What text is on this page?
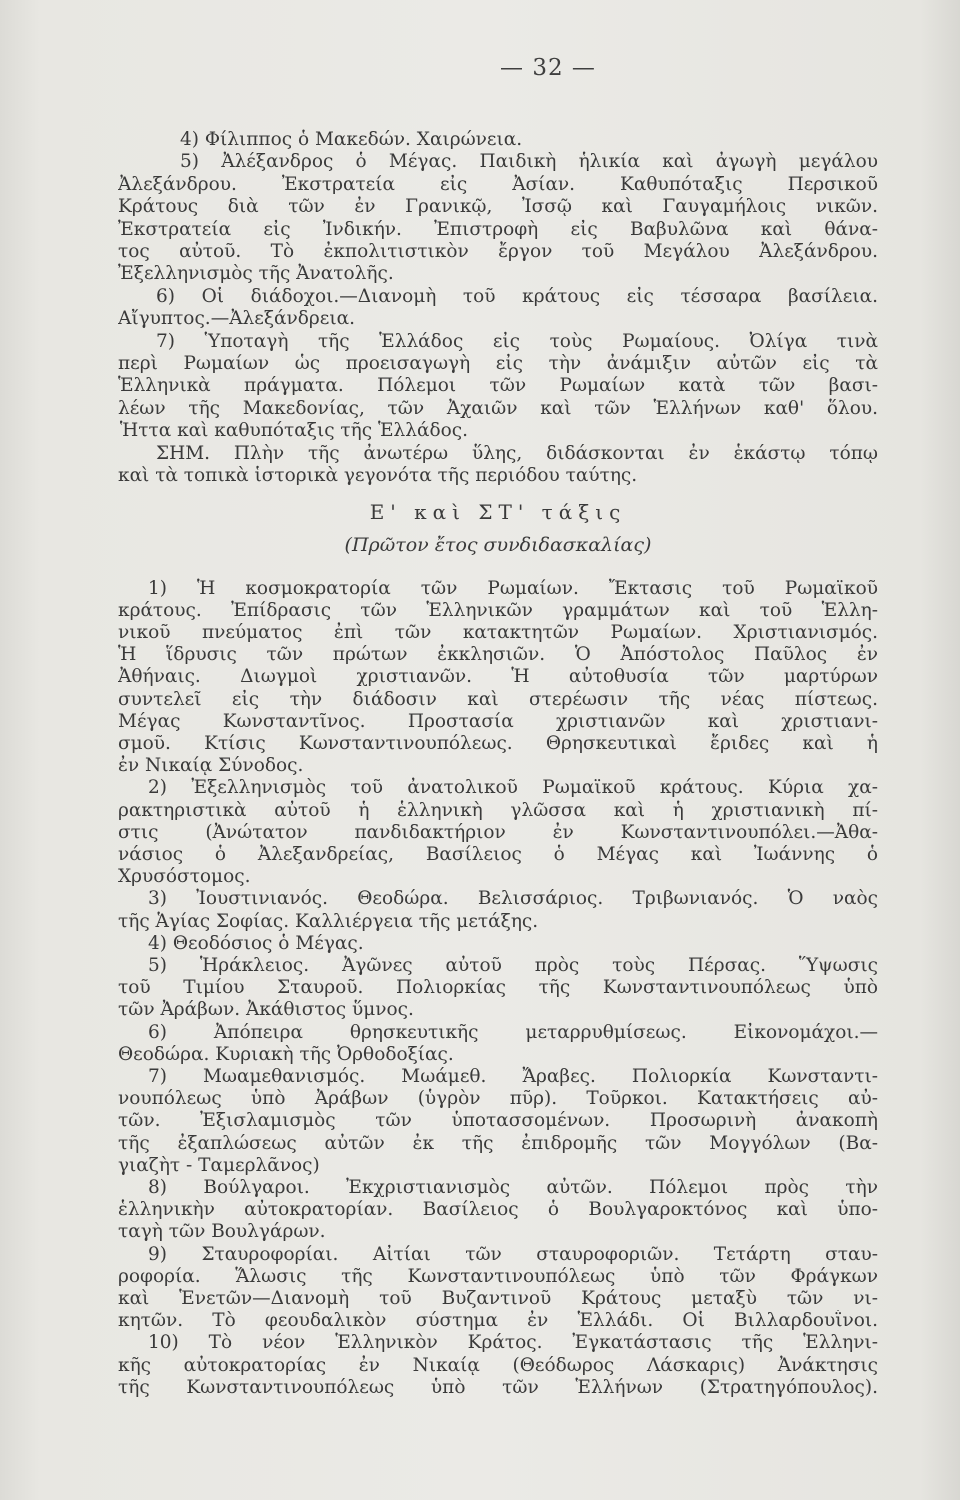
— 32 —
4) Φίλιππος ὁ Μακεδών. Χαιρώνεια.
5) Ἀλέξανδρος ὁ Μέγας. Παιδικὴ ἡλικία καὶ ἀγωγὴ μεγάλου
Ἀλεξάνδρου. Ἐκστρατεία εἰς Ἀσίαν. Καθυπόταξις Περσικοῦ
Κράτους διὰ τῶν ἐν Γρανικῷ, Ἰσσῷ καὶ Γαυγαμήλοις νικῶν.
Ἐκστρατεία εἰς Ἰνδικήν. Ἐπιστροφὴ εἰς Βαβυλῶνα καὶ θάνα-
τος αὐτοῦ. Τὸ ἐκπολιτιστικὸν ἔργον τοῦ Μεγάλου Ἀλεξάνδρου.
Ἐξελληνισμὸς τῆς Ἀνατολῆς.
6) Οἱ διάδοχοι.—Διανομὴ τοῦ κράτους εἰς τέσσαρα βασίλεια.
Αἴγυπτος.—Ἀλεξάνδρεια.
7) Ὑποταγὴ τῆς Ἑλλάδος εἰς τοὺς Ρωμαίους. Ὀλίγα τινὰ
περὶ Ρωμαίων ὡς προεισαγωγὴ εἰς τὴν ἀνάμιξιν αὐτῶν εἰς τὰ
Ἑλληνικὰ πράγματα. Πόλεμοι τῶν Ρωμαίων κατὰ τῶν βασι-
λέων τῆς Μακεδονίας, τῶν Ἀχαιῶν καὶ τῶν Ἑλλήνων καθ' ὅλου.
Ἧττα καὶ καθυπόταξις τῆς Ἑλλάδος.
ΣΗΜ. Πλὴν τῆς ἀνωτέρω ὕλης, διδάσκονται ἐν ἑκάστῳ τόπῳ
καὶ τὰ τοπικὰ ἱστορικὰ γεγονότα τῆς περιόδου ταύτης.
Ε' καὶ ΣΤ' τάξις
(Πρῶτον ἔτος συνδιδασκαλίας)
1) Ἡ κοσμοκρατορία τῶν Ρωμαίων. Ἔκτασις τοῦ Ρωμαϊκοῦ
κράτους. Ἐπίδρασις τῶν Ἑλληνικῶν γραμμάτων καὶ τοῦ Ἑλλη-
νικοῦ πνεύματος ἐπὶ τῶν κατακτητῶν Ρωμαίων. Χριστιανισμός.
Ἡ ἵδρυσις τῶν πρώτων ἐκκλησιῶν. Ὁ Ἀπόστολος Παῦλος ἐν
Ἀθήναις. Διωγμοὶ χριστιανῶν. Ἡ αὐτοθυσία τῶν μαρτύρων
συντελεῖ εἰς τὴν διάδοσιν καὶ στερέωσιν τῆς νέας πίστεως.
Μέγας Κωνσταντῖνος. Προστασία χριστιανῶν καὶ χριστιανι-
σμοῦ. Κτίσις Κωνσταντινουπόλεως. Θρησκευτικαὶ ἔριδες καὶ ἡ
ἐν Νικαίᾳ Σύνοδος.
2) Ἐξελληνισμὸς τοῦ ἀνατολικοῦ Ρωμαϊκοῦ κράτους. Κύρια χα-
ρακτηριστικὰ αὐτοῦ ἡ ἑλληνικὴ γλῶσσα καὶ ἡ χριστιανικὴ πί-
στις (Ἀνώτατον πανδιδακτήριον ἐν Κωνσταντινουπόλει.—Ἀθα-
νάσιος ὁ Ἀλεξανδρείας, Βασίλειος ὁ Μέγας καὶ Ἰωάννης ὁ
Χρυσόστομος.
3) Ἰουστινιανός. Θεοδώρα. Βελισσάριος. Τριβωνιανός. Ὁ ναὸς
τῆς Ἁγίας Σοφίας. Καλλιέργεια τῆς μετάξης.
4) Θεοδόσιος ὁ Μέγας.
5) Ἡράκλειος. Ἀγῶνες αὐτοῦ πρὸς τοὺς Πέρσας. Ὕψωσις
τοῦ Τιμίου Σταυροῦ. Πολιορκίας τῆς Κωνσταντινουπόλεως ὑπὸ
τῶν Ἀράβων. Ἀκάθιστος ὕμνος.
6) Ἀπόπειρα θρησκευτικῆς μεταρρυθμίσεως. Εἰκονομάχοι.—
Θεοδώρα. Κυριακὴ τῆς Ὀρθοδοξίας.
7) Μωαμεθανισμός. Μωάμεθ. Ἄραβες. Πολιορκία Κωνσταντι-
νουπόλεως ὑπὸ Ἀράβων (ὑγρὸν πῦρ). Τοῦρκοι. Κατακτήσεις αὐ-
τῶν. Ἐξισλαμισμὸς τῶν ὑποτασσομένων. Προσωρινὴ ἀνακοπὴ
τῆς ἐξαπλώσεως αὐτῶν ἐκ τῆς ἐπιδρομῆς τῶν Μογγόλων (Βα-
γιαζὴτ - Ταμερλᾶνος)
8) Βούλγαροι. Ἐκχριστιανισμὸς αὐτῶν. Πόλεμοι πρὸς τὴν
ἑλληνικὴν αὐτοκρατορίαν. Βασίλειος ὁ Βουλγαροκτόνος καὶ ὑπο-
ταγὴ τῶν Βουλγάρων.
9) Σταυροφορίαι. Αἰτίαι τῶν σταυροφοριῶν. Τετάρτη σταυ-
ροφορία. Ἅλωσις τῆς Κωνσταντινουπόλεως ὑπὸ τῶν Φράγκων
καὶ Ἑνετῶν—Διανομὴ τοῦ Βυζαντινοῦ Κράτους μεταξὺ τῶν νι-
κητῶν. Τὸ φεουδαλικὸν σύστημα ἐν Ἑλλάδι. Οἱ Βιλλαρδουΐνοι.
10) Τὸ νέον Ἑλληνικὸν Κράτος. Ἐγκατάστασις τῆς Ἑλληνι-
κῆς αὐτοκρατορίας ἐν Νικαίᾳ (Θεόδωρος Λάσκαρις) Ἀνάκτησις
τῆς Κωνσταντινουπόλεως ὑπὸ τῶν Ἑλλήνων (Στρατηγόπουλος).
